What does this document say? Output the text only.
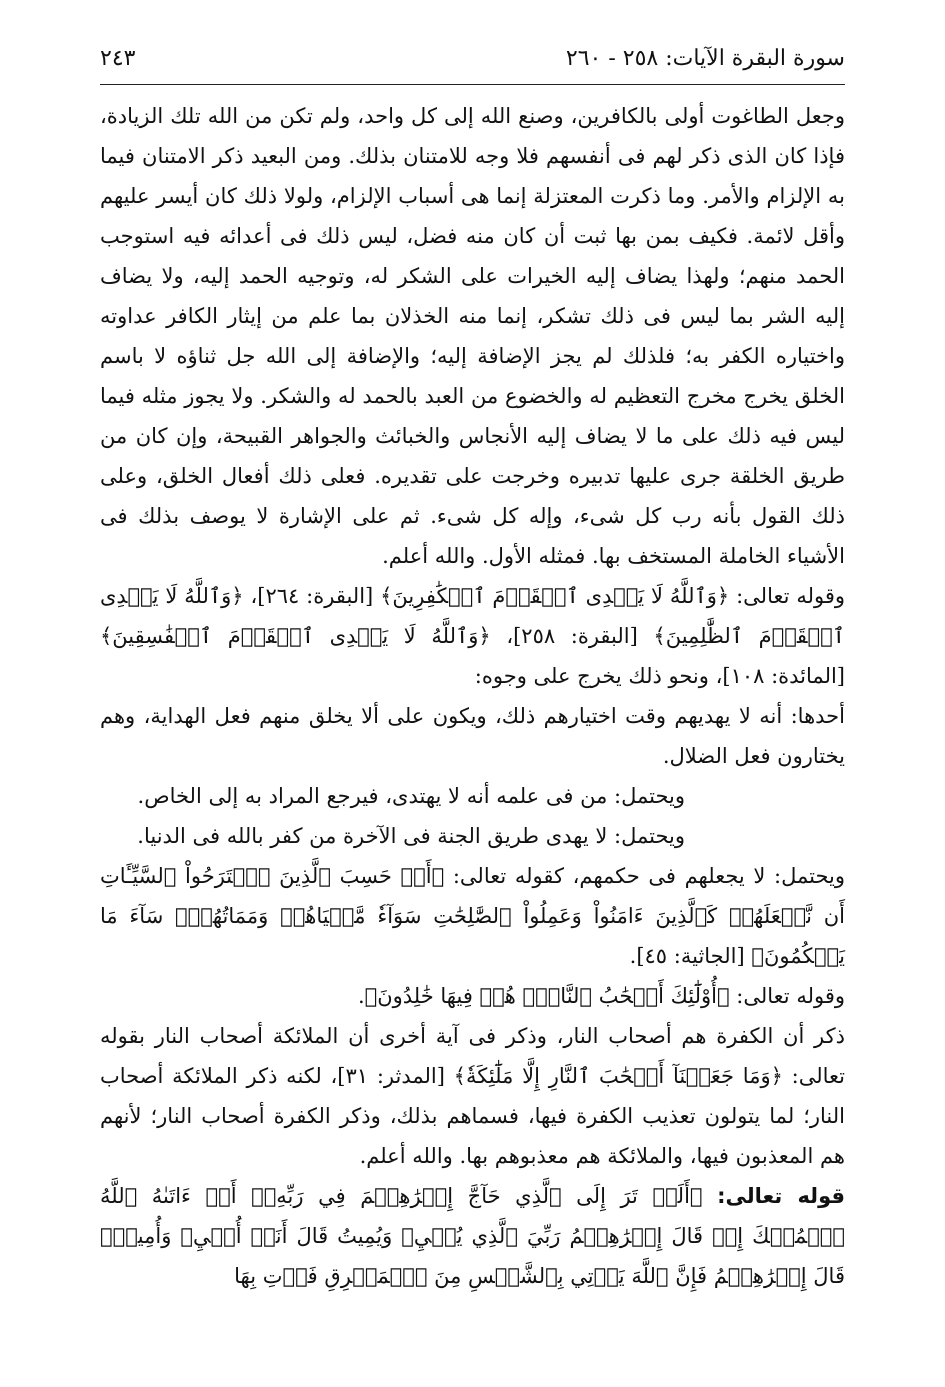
سورة البقرة الآيات: ٢٥٨ - ٢٦٠
٢٤٣

وجعل الطاغوت أولى بالكافرين، وصنع الله إلى كل واحد، ولم تكن من الله تلك الزيادة، فإذا كان الذى ذكر لهم فى أنفسهم فلا وجه للامتنان بذلك. ومن البعيد ذكر الامتنان فيما به الإلزام والأمر. وما ذكرت المعتزلة إنما هى أسباب الإلزام، ولولا ذلك كان أيسر عليهم وأقل لائمة. فكيف بمن بها ثبت أن كان منه فضل، ليس ذلك فى أعدائه فيه استوجب الحمد منهم؛ ولهذا يضاف إليه الخيرات على الشكر له، وتوجيه الحمد إليه، ولا يضاف إليه الشر بما ليس فى ذلك تشكر، إنما منه الخذلان بما علم من إيثار الكافر عداوته واختياره الكفر به؛ فلذلك لم يجز الإضافة إليه؛ والإضافة إلى الله جل ثناؤه لا باسم الخلق يخرج مخرج التعظيم له والخضوع من العبد بالحمد له والشكر. ولا يجوز مثله فيما ليس فيه ذلك على ما لا يضاف إليه الأنجاس والخبائث والجواهر القبيحة، وإن كان من طريق الخلقة جرى عليها تدبيره وخرجت على تقديره. فعلى ذلك أفعال الخلق، وعلى ذلك القول بأنه رب كل شىء، وإله كل شىء. ثم على الإشارة لا يوصف بذلك فى الأشياء الخاملة المستخف بها. فمثله الأول. والله أعلم.

وقوله تعالى: ﴿وَٱللَّهُ لَا يَهۡدِى ٱلۡقَوۡمَ ٱلۡكَٰفِرِينَ﴾ [البقرة: ٢٦٤]، ﴿وَٱللَّهُ لَا يَهۡدِى ٱلۡقَوۡمَ ٱلظَّٰلِمِينَ﴾ [البقرة: ٢٥٨]، ﴿وَٱللَّهُ لَا يَهۡدِى ٱلۡقَوۡمَ ٱلۡفَٰسِقِينَ﴾ [المائدة: ١٠٨]، ونحو ذلك يخرج على وجوه:

أحدها: أنه لا يهديهم وقت اختيارهم ذلك، ويكون على ألا يخلق منهم فعل الهداية، وهم يختارون فعل الضلال.

ويحتمل: من فى علمه أنه لا يهتدى، فيرجع المراد به إلى الخاص.

ويحتمل: لا يهدى طريق الجنة فى الآخرة من كفر بالله فى الدنيا.

ويحتمل: لا يجعلهم فى حكمهم، كقوله تعالى: ﴿أَمۡ حَسِبَ ٱلَّذِينَ ٱجۡتَرَحُواْ ٱلسَّيِّـَٔاتِ أَن نَّجۡعَلَهُمۡ كَٱلَّذِينَ ءَامَنُواْ وَعَمِلُواْ ٱلصَّٰلِحَٰتِ سَوَآءٗ مَّحۡيَاهُمۡ وَمَمَاتُهُمۡۚ سَآءَ مَا يَحۡكُمُونَ﴾ [الجاثية: ٤٥].

وقوله تعالى: ﴿أُوْلَٰٓئِكَ أَصۡحَٰبُ ٱلنَّارِۖ هُمۡ فِيهَا خَٰلِدُونَ﴾.

ذكر أن الكفرة هم أصحاب النار، وذكر فى آية أخرى أن الملائكة أصحاب النار بقوله تعالى: ﴿وَمَا جَعَلۡنَآ أَصۡحَٰبَ ٱلنَّارِ إِلَّا مَلَٰٓئِكَةٗ﴾ [المدثر: ٣١]، لكنه ذكر الملائكة أصحاب النار؛ لما يتولون تعذيب الكفرة فيها، فسماهم بذلك، وذكر الكفرة أصحاب النار؛ لأنهم هم المعذبون فيها، والملائكة هم معذبوهم بها. والله أعلم.

قوله تعالى: ﴿أَلَمۡ تَرَ إِلَى ٱلَّذِي حَآجَّ إِبۡرَٰهِـۧمَ فِي رَبِّهِۦٓ أَنۡ ءَاتَىٰهُ ٱللَّهُ ٱلۡمُلۡكَ إِذۡ قَالَ إِبۡرَٰهِـۧمُ رَبِّيَ ٱلَّذِي يُحۡيِۦ وَيُمِيتُ قَالَ أَنَا۠ أُحۡيِۦ وَأُمِيتُۖ قَالَ إِبۡرَٰهِـۧمُ فَإِنَّ ٱللَّهَ يَأۡتِي بِٱلشَّمۡسِ مِنَ ٱلۡمَشۡرِقِ فَأۡتِ بِهَا
